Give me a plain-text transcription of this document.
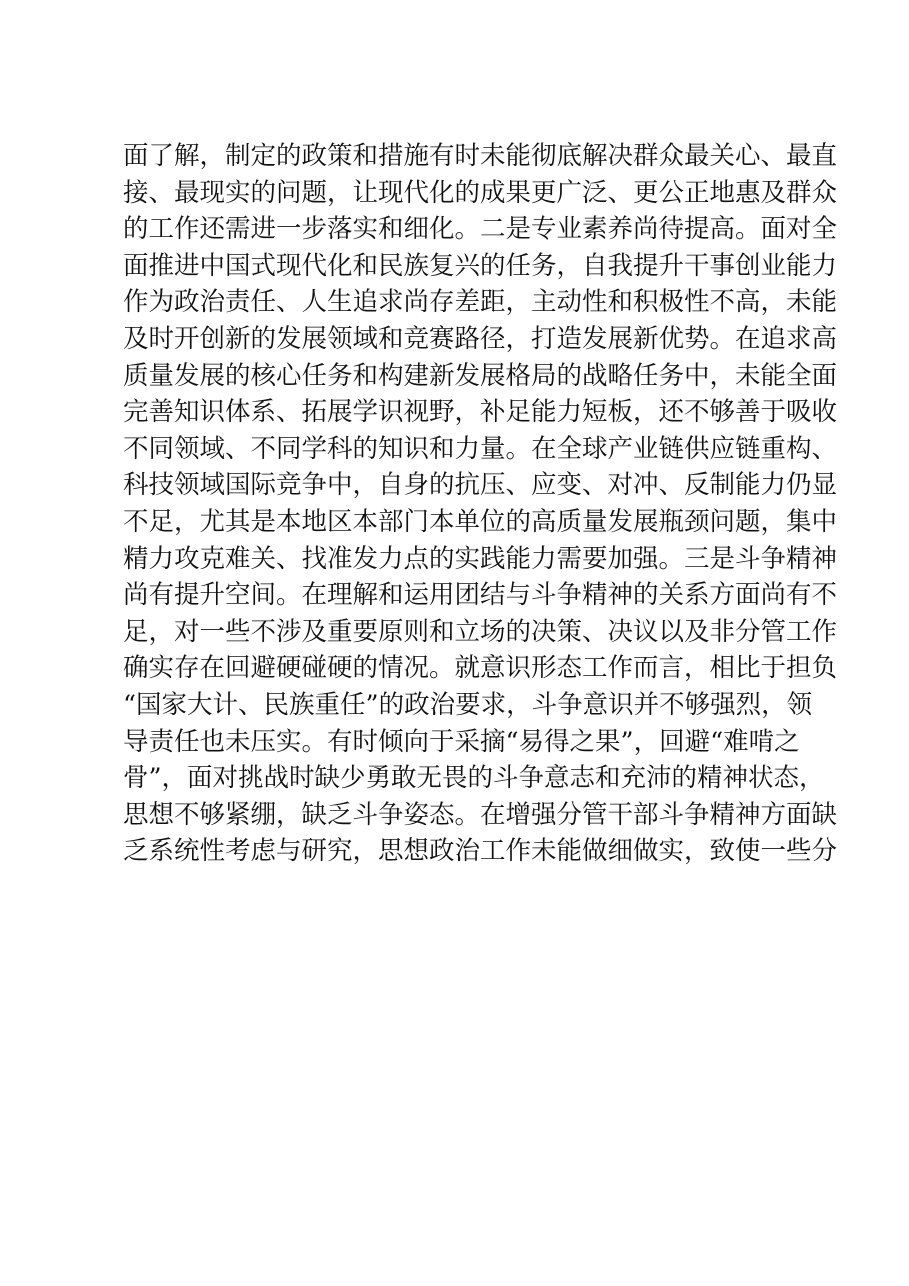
面了解，制定的政策和措施有时未能彻底解决群众最关心、最直
接、最现实的问题，让现代化的成果更广泛、更公正地惠及群众
的工作还需进一步落实和细化。二是专业素养尚待提高。面对全
面推进中国式现代化和民族复兴的任务，自我提升干事创业能力
作为政治责任、人生追求尚存差距，主动性和积极性不高，未能
及时开创新的发展领域和竞赛路径，打造发展新优势。在追求高
质量发展的核心任务和构建新发展格局的战略任务中，未能全面
完善知识体系、拓展学识视野，补足能力短板，还不够善于吸收
不同领域、不同学科的知识和力量。在全球产业链供应链重构、
科技领域国际竞争中，自身的抗压、应变、对冲、反制能力仍显
不足，尤其是本地区本部门本单位的高质量发展瓶颈问题，集中
精力攻克难关、找准发力点的实践能力需要加强。三是斗争精神
尚有提升空间。在理解和运用团结与斗争精神的关系方面尚有不
足，对一些不涉及重要原则和立场的决策、决议以及非分管工作
确实存在回避硬碰硬的情况。就意识形态工作而言，相比于担负
“国家大计、民族重任”的政治要求，斗争意识并不够强烈，领
导责任也未压实。有时倾向于采摘“易得之果”，回避“难啃之
骨”，面对挑战时缺少勇敢无畏的斗争意志和充沛的精神状态，
思想不够紧绷，缺乏斗争姿态。在增强分管干部斗争精神方面缺
乏系统性考虑与研究，思想政治工作未能做细做实，致使一些分
